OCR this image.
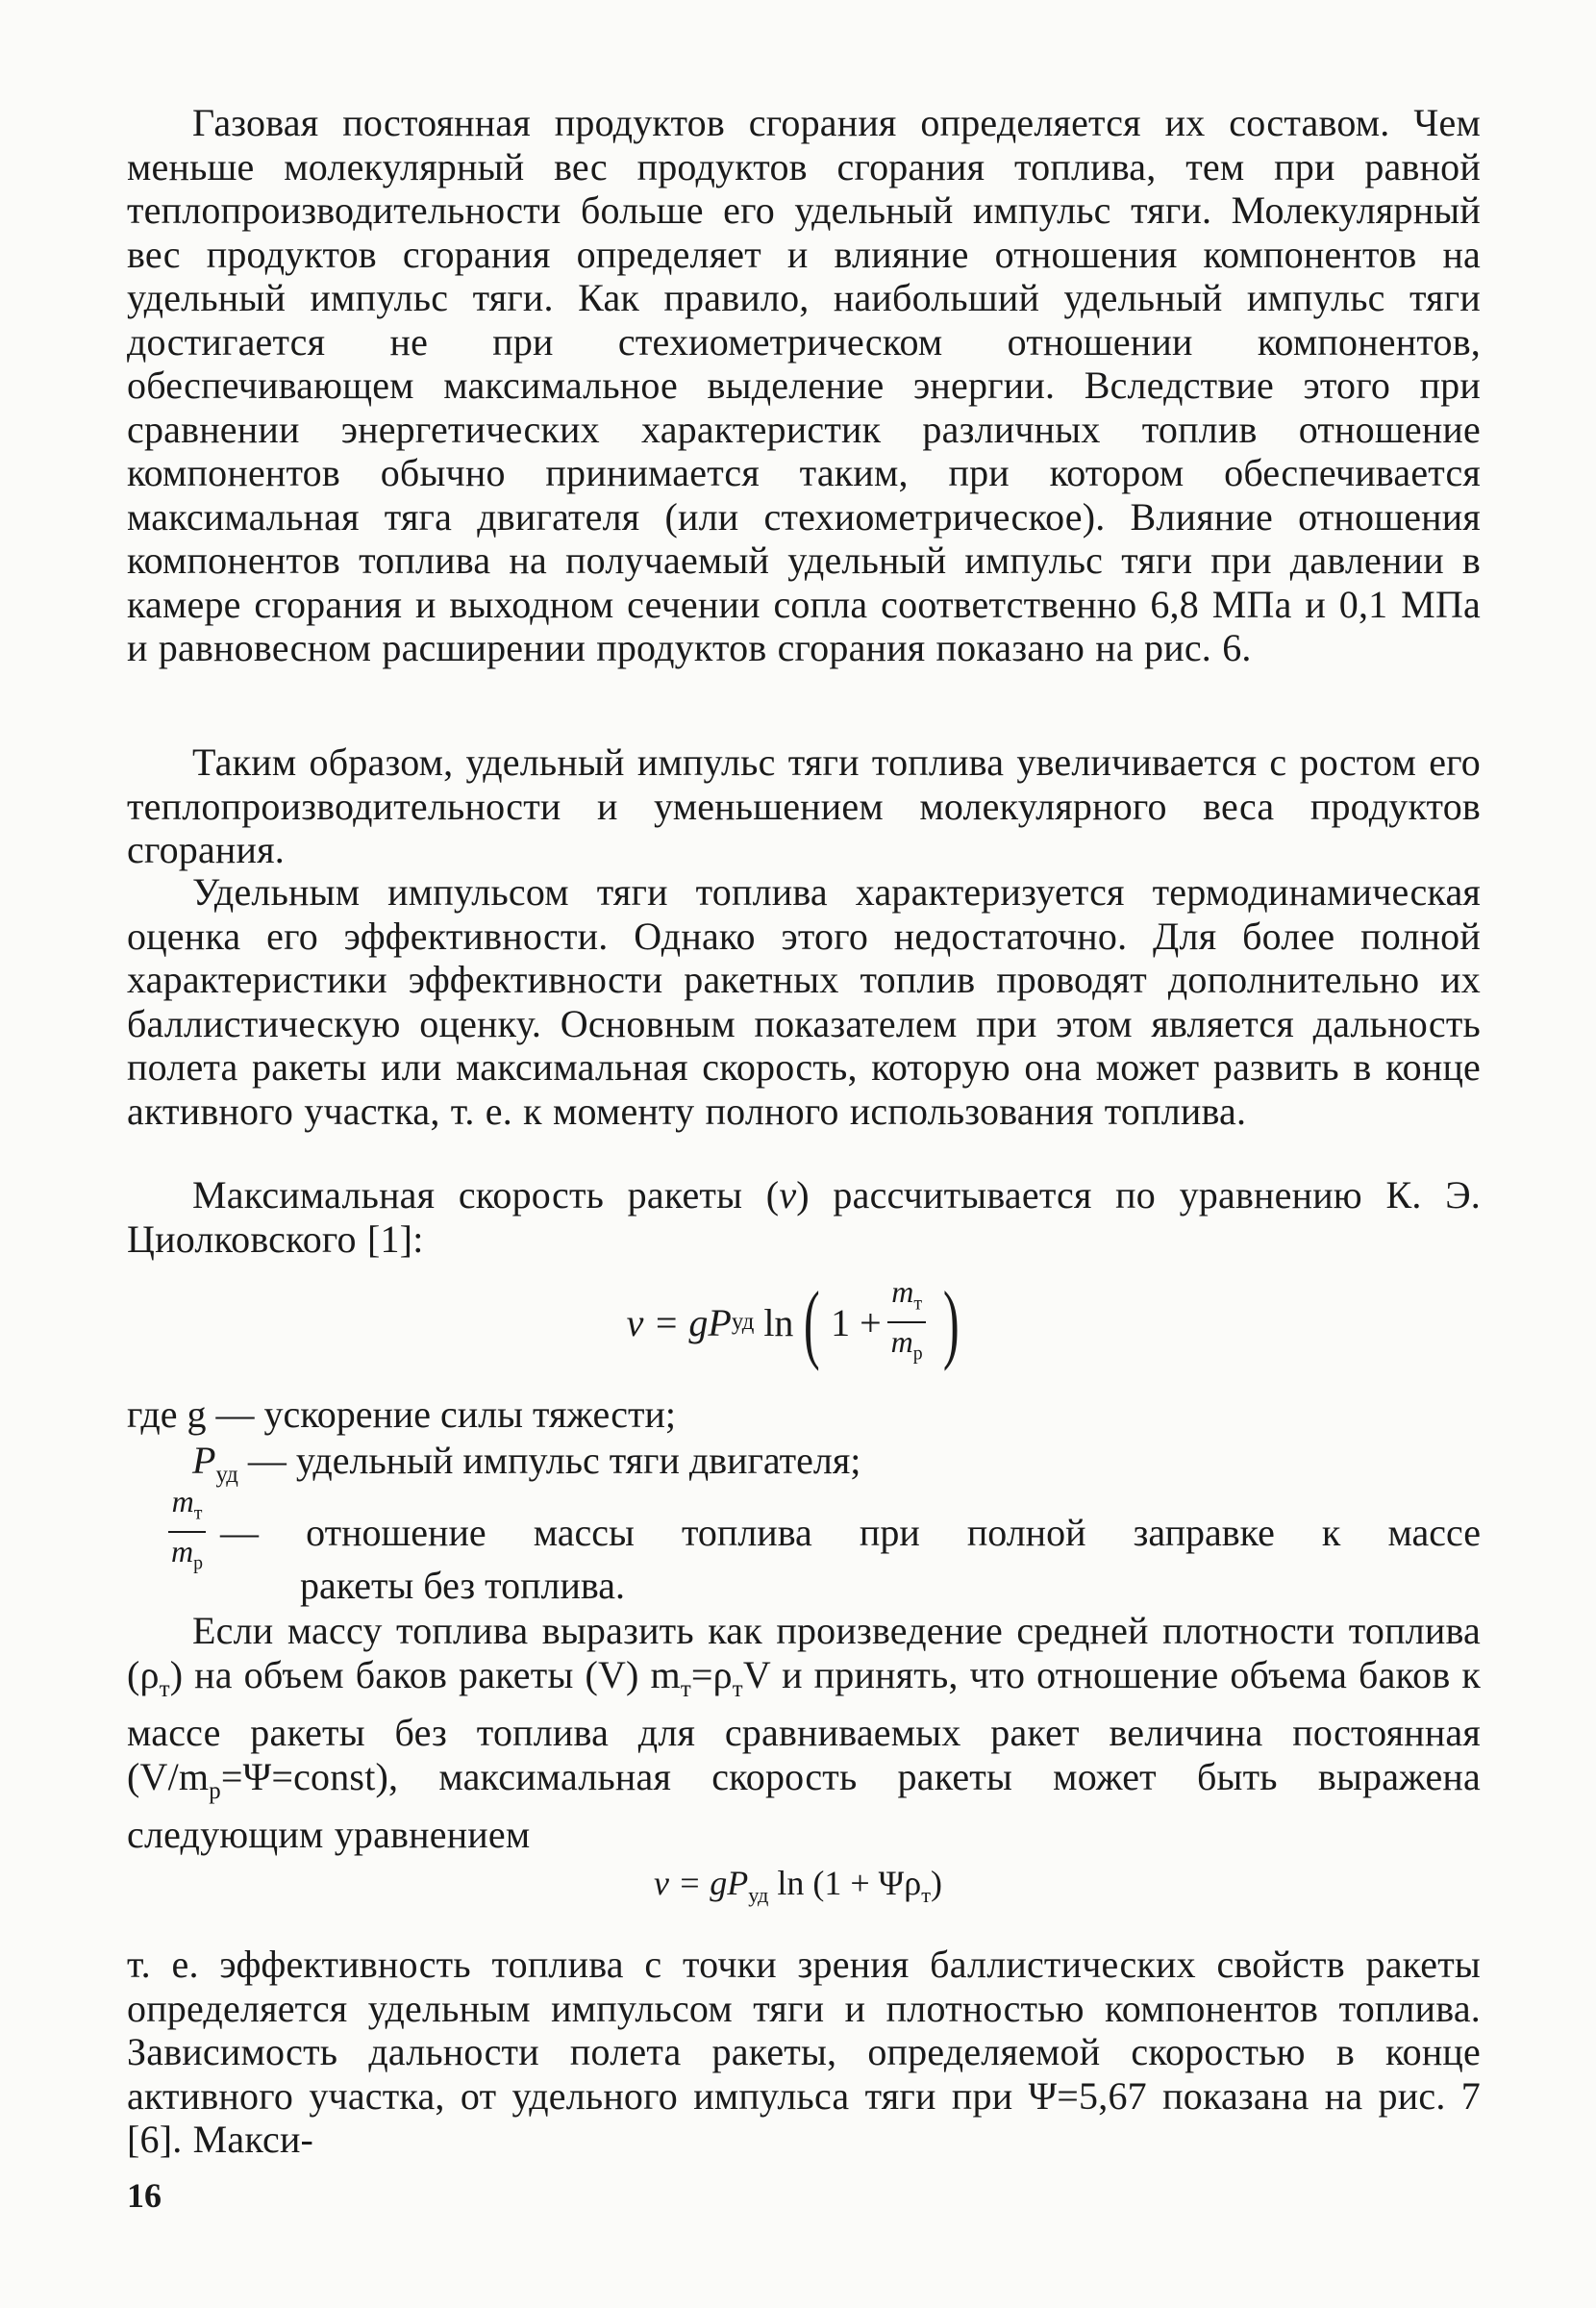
Газовая постоянная продуктов сгорания определяется их составом. Чем меньше молекулярный вес продуктов сгорания топлива, тем при равной теплопроизводительности больше его удельный импульс тяги. Молекулярный вес продуктов сгорания определяет и влияние отношения компонентов на удельный импульс тяги. Как правило, наибольший удельный импульс тяги достигается не при стехиометрическом отношении компонентов, обеспечивающем максимальное выделение энергии. Вследствие этого при сравнении энергетических характеристик различных топлив отношение компонентов обычно принимается таким, при котором обеспечивается максимальная тяга двигателя (или стехиометрическое). Влияние отношения компонентов топлива на получаемый удельный импульс тяги при давлении в камере сгорания и выходном сечении сопла соответственно 6,8 МПа и 0,1 МПа и равновесном расширении продуктов сгорания показано на рис. 6.

Таким образом, удельный импульс тяги топлива увеличивается с ростом его теплопроизводительности и уменьшением молекулярного веса продуктов сгорания.

Удельным импульсом тяги топлива характеризуется термодинамическая оценка его эффективности. Однако этого недостаточно. Для более полной характеристики эффективности ракетных топлив проводят дополнительно их баллистическую оценку. Основным показателем при этом является дальность полета ракеты или максимальная скорость, которую она может развить в конце активного участка, т. е. к моменту полного использования топлива.

Максимальная скорость ракеты (v) рассчитывается по уравнению К. Э. Циолковского [1]:

v = gP уд ln ( $1 + \frac{m_т}{m_р}$ )
где g — ускорение силы тяжести;
$P_{уд}$ — удельный импульс тяги двигателя;
$\frac{m_т}{m_р}$ — отношение массы топлива при полной заправке к массе
ракеты без топлива.

Если массу топлива выразить как произведение средней плотности топлива $(\rho_т)$ на объем баков ракеты (V) $m_т=\rho_тV$ и принять, что отношение объема баков к массе ракеты без топлива для сравниваемых ракет величина постоянная $(V/m_р=\Psi=const)$, максимальная скорость ракеты может быть выражена следующим уравнением

$v = gP_{уд}$ $\ln (1 + \Psi\rho_т)$

т. е. эффективность топлива с точки зрения баллистических свойств ракеты определяется удельным импульсом тяги и плотностью компонентов топлива. Зависимость дальности полета ракеты, определяемой скоростью в конце активного участка, от удельного импульса тяги при Ψ=5,67 показана на рис. 7 [6]. Макси-

16
